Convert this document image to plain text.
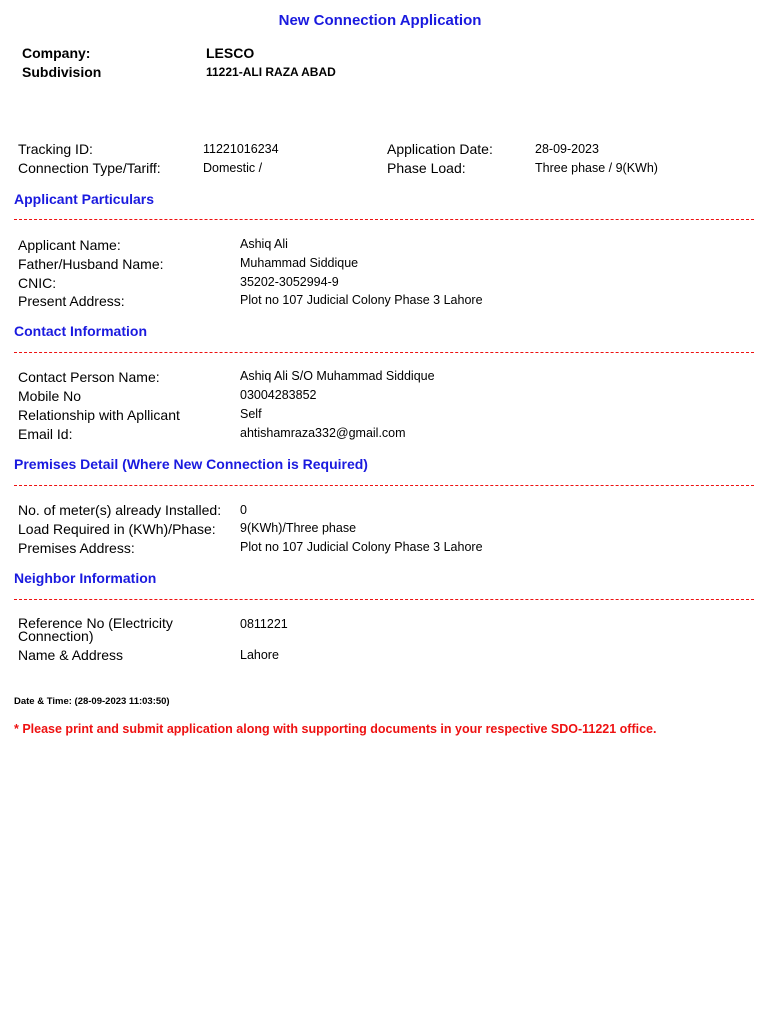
New Connection Application
Company:	LESCO
Subdivision	11221-ALI RAZA ABAD
Tracking ID:	11221016234	Application Date:	28-09-2023
Connection Type/Tariff:	Domestic /	Phase Load:	Three phase / 9(KWh)
Applicant Particulars
Applicant Name:	Ashiq Ali
Father/Husband Name:	Muhammad Siddique
CNIC:	35202-3052994-9
Present Address:	Plot no 107 Judicial Colony Phase 3 Lahore
Contact Information
Contact Person Name:	Ashiq Ali S/O Muhammad Siddique
Mobile No	03004283852
Relationship with Apllicant	Self
Email Id:	ahtishamraza332@gmail.com
Premises Detail (Where New Connection is Required)
No. of meter(s) already Installed: 0
Load Required in (KWh)/Phase: 9(KWh)/Three phase
Premises Address:	Plot no 107 Judicial Colony Phase 3 Lahore
Neighbor Information
Reference No (Electricity Connection)
0811221
Name & Address	Lahore
Date & Time: (28-09-2023 11:03:50)
* Please print and submit application along with supporting documents in your respective SDO-11221 office.
